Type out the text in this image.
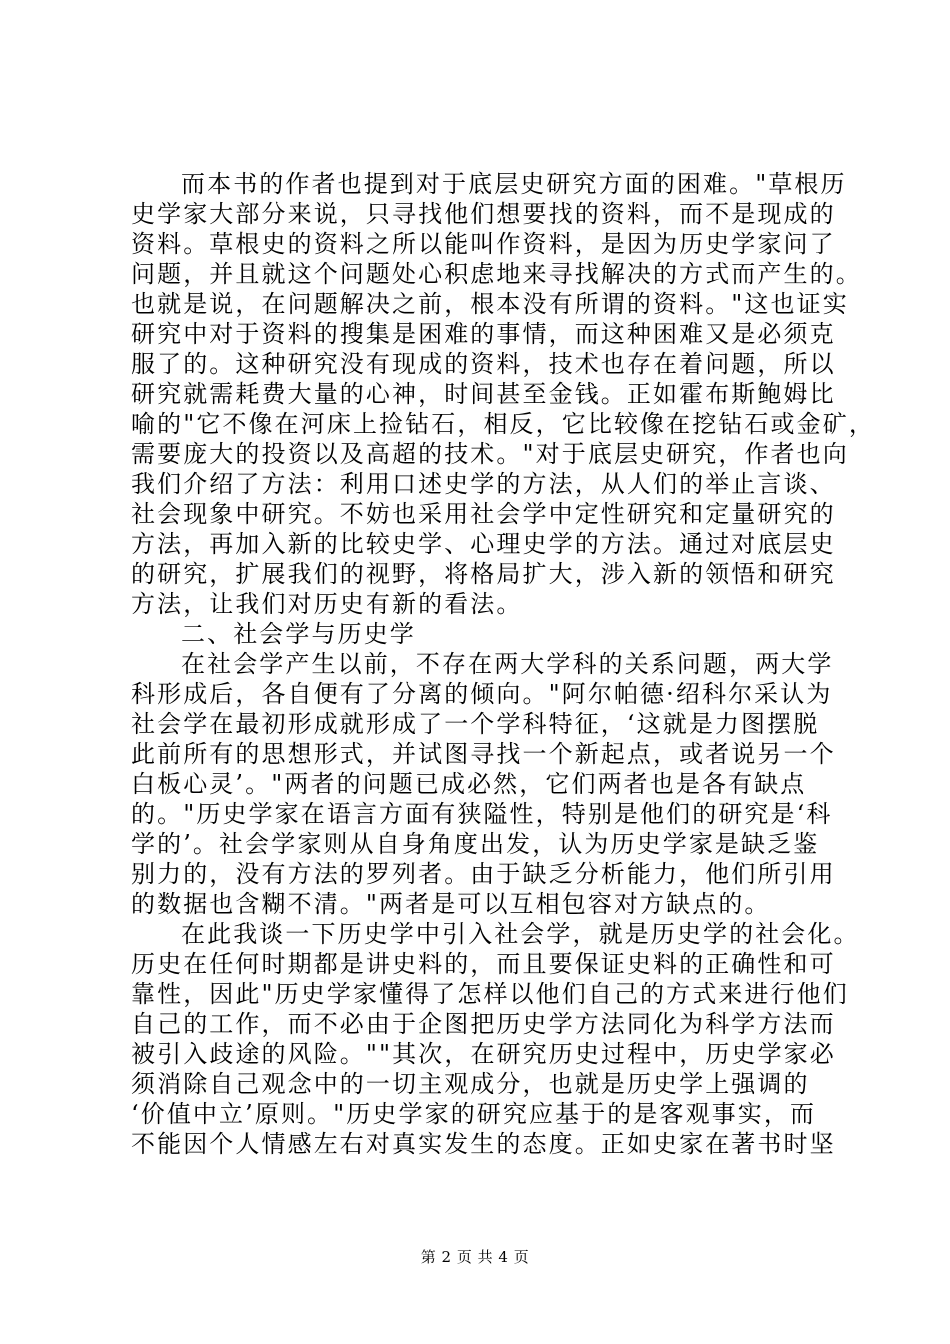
而本书的作者也提到对于底层史研究方面的困难。"草根历
史学家大部分来说，只寻找他们想要找的资料，而不是现成的
资料。草根史的资料之所以能叫作资料，是因为历史学家问了
问题，并且就这个问题处心积虑地来寻找解决的方式而产生的。
也就是说，在问题解决之前，根本没有所谓的资料。"这也证实
研究中对于资料的搜集是困难的事情，而这种困难又是必须克
服了的。这种研究没有现成的资料，技术也存在着问题，所以
研究就需耗费大量的心神，时间甚至金钱。正如霍布斯鲍姆比
喻的"它不像在河床上捡钻石，相反，它比较像在挖钻石或金矿，
需要庞大的投资以及高超的技术。"对于底层史研究，作者也向
我们介绍了方法：利用口述史学的方法，从人们的举止言谈、
社会现象中研究。不妨也采用社会学中定性研究和定量研究的
方法，再加入新的比较史学、心理史学的方法。通过对底层史
的研究，扩展我们的视野，将格局扩大，涉入新的领悟和研究
方法，让我们对历史有新的看法。
二、社会学与历史学
在社会学产生以前，不存在两大学科的关系问题，两大学
科形成后，各自便有了分离的倾向。"阿尔帕德·绍科尔采认为
社会学在最初形成就形成了一个学科特征，‘这就是力图摆脱
此前所有的思想形式，并试图寻找一个新起点，或者说另一个
白板心灵’。"两者的问题已成必然，它们两者也是各有缺点
的。"历史学家在语言方面有狭隘性，特别是他们的研究是‘科
学的’。社会学家则从自身角度出发，认为历史学家是缺乏鉴
别力的，没有方法的罗列者。由于缺乏分析能力，他们所引用
的数据也含糊不清。"两者是可以互相包容对方缺点的。
在此我谈一下历史学中引入社会学，就是历史学的社会化。
历史在任何时期都是讲史料的，而且要保证史料的正确性和可
靠性，因此"历史学家懂得了怎样以他们自己的方式来进行他们
自己的工作，而不必由于企图把历史学方法同化为科学方法而
被引入歧途的风险。""其次，在研究历史过程中，历史学家必
须消除自己观念中的一切主观成分，也就是历史学上强调的
‘价值中立’原则。"历史学家的研究应基于的是客观事实，而
不能因个人情感左右对真实发生的态度。正如史家在著书时坚
第 2 页 共 4 页
